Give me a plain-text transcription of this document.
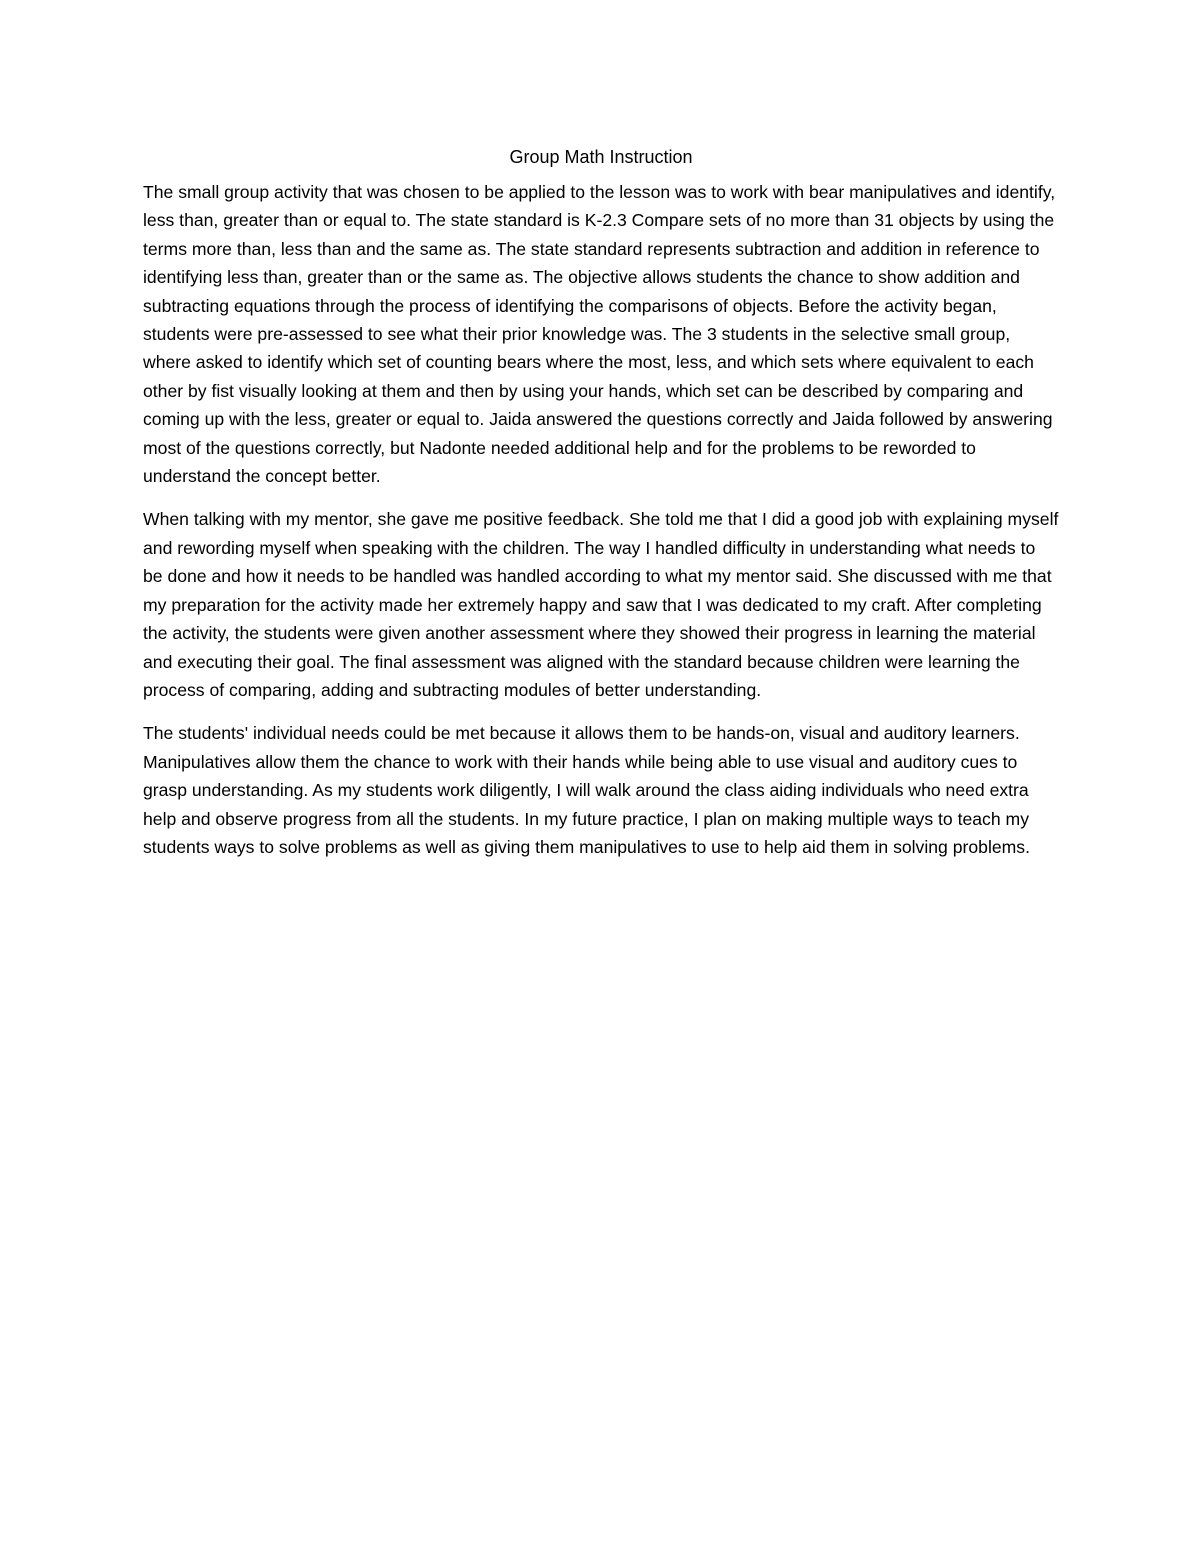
Group Math Instruction

The small group activity that was chosen to be applied to the lesson was to work with bear manipulatives and identify, less than, greater than or equal to. The state standard is K-2.3 Compare sets of no more than 31 objects by using the terms more than, less than and the same as. The state standard represents subtraction and addition in reference to identifying less than, greater than or the same as. The objective allows students the chance to show addition and subtracting equations through the process of identifying the comparisons of objects. Before the activity began, students were pre-assessed to see what their prior knowledge was. The 3 students in the selective small group, where asked to identify which set of counting bears where the most, less, and which sets where equivalent to each other by fist visually looking at them and then by using your hands, which set can be described by comparing and coming up with the less, greater or equal to. Jaida answered the questions correctly and Jaida followed by answering most of the questions correctly, but Nadonte needed additional help and for the problems to be reworded to understand the concept better.

When talking with my mentor, she gave me positive feedback. She told me that I did a good job with explaining myself and rewording myself when speaking with the children. The way I handled difficulty in understanding what needs to be done and how it needs to be handled was handled according to what my mentor said. She discussed with me that my preparation for the activity made her extremely happy and saw that I was dedicated to my craft. After completing the activity, the students were given another assessment where they showed their progress in learning the material and executing their goal. The final assessment was aligned with the standard because children were learning the process of comparing, adding and subtracting modules of better understanding.

The students' individual needs could be met because it allows them to be hands-on, visual and auditory learners. Manipulatives allow them the chance to work with their hands while being able to use visual and auditory cues to grasp understanding. As my students work diligently, I will walk around the class aiding individuals who need extra help and observe progress from all the students. In my future practice, I plan on making multiple ways to teach my students ways to solve problems as well as giving them manipulatives to use to help aid them in solving problems.
